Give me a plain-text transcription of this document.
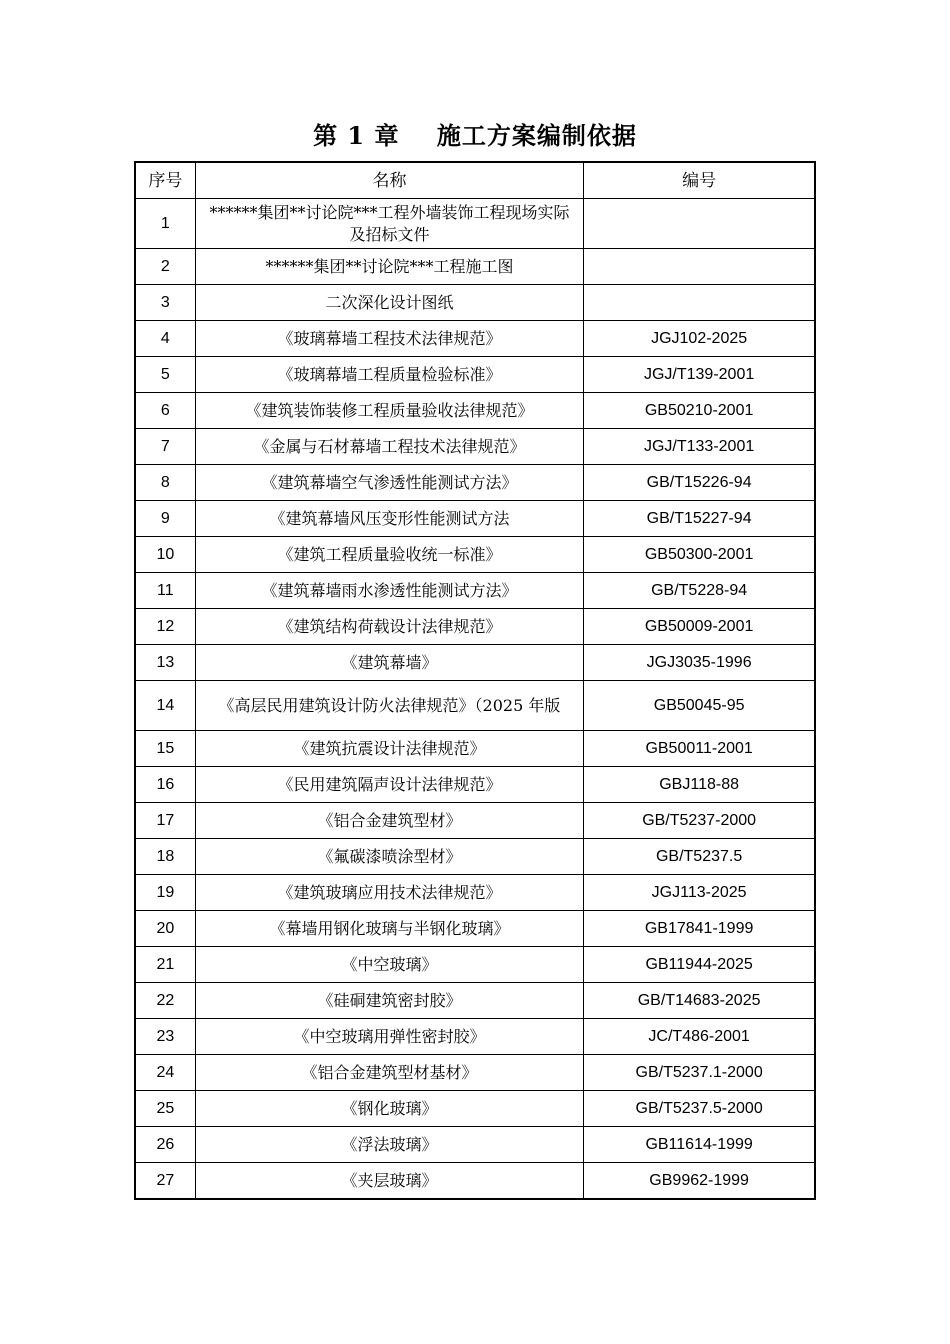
第 1 章    施工方案编制依据
序号	名称	编号
1	******集团**讨论院***工程外墙装饰工程现场实际及招标文件	
2	******集团**讨论院***工程施工图	
3	二次深化设计图纸	
4	《玻璃幕墙工程技术法律规范》	JGJ102-2025
5	《玻璃幕墙工程质量检验标准》	JGJ/T139-2001
6	《建筑装饰装修工程质量验收法律规范》	GB50210-2001
7	《金属与石材幕墙工程技术法律规范》	JGJ/T133-2001
8	《建筑幕墙空气渗透性能测试方法》	GB/T15226-94
9	《建筑幕墙风压变形性能测试方法	GB/T15227-94
10	《建筑工程质量验收统一标准》	GB50300-2001
11	《建筑幕墙雨水渗透性能测试方法》	GB/T5228-94
12	《建筑结构荷载设计法律规范》	GB50009-2001
13	《建筑幕墙》	JGJ3035-1996
14	《高层民用建筑设计防火法律规范》（2025 年版	GB50045-95
15	《建筑抗震设计法律规范》	GB50011-2001
16	《民用建筑隔声设计法律规范》	GBJ118-88
17	《铝合金建筑型材》	GB/T5237-2000
18	《氟碳漆喷涂型材》	GB/T5237.5
19	《建筑玻璃应用技术法律规范》	JGJ113-2025
20	《幕墙用钢化玻璃与半钢化玻璃》	GB17841-1999
21	《中空玻璃》	GB11944-2025
22	《硅硐建筑密封胶》	GB/T14683-2025
23	《中空玻璃用弹性密封胶》	JC/T486-2001
24	《铝合金建筑型材基材》	GB/T5237.1-2000
25	《钢化玻璃》	GB/T5237.5-2000
26	《浮法玻璃》	GB11614-1999
27	《夹层玻璃》	GB9962-1999
